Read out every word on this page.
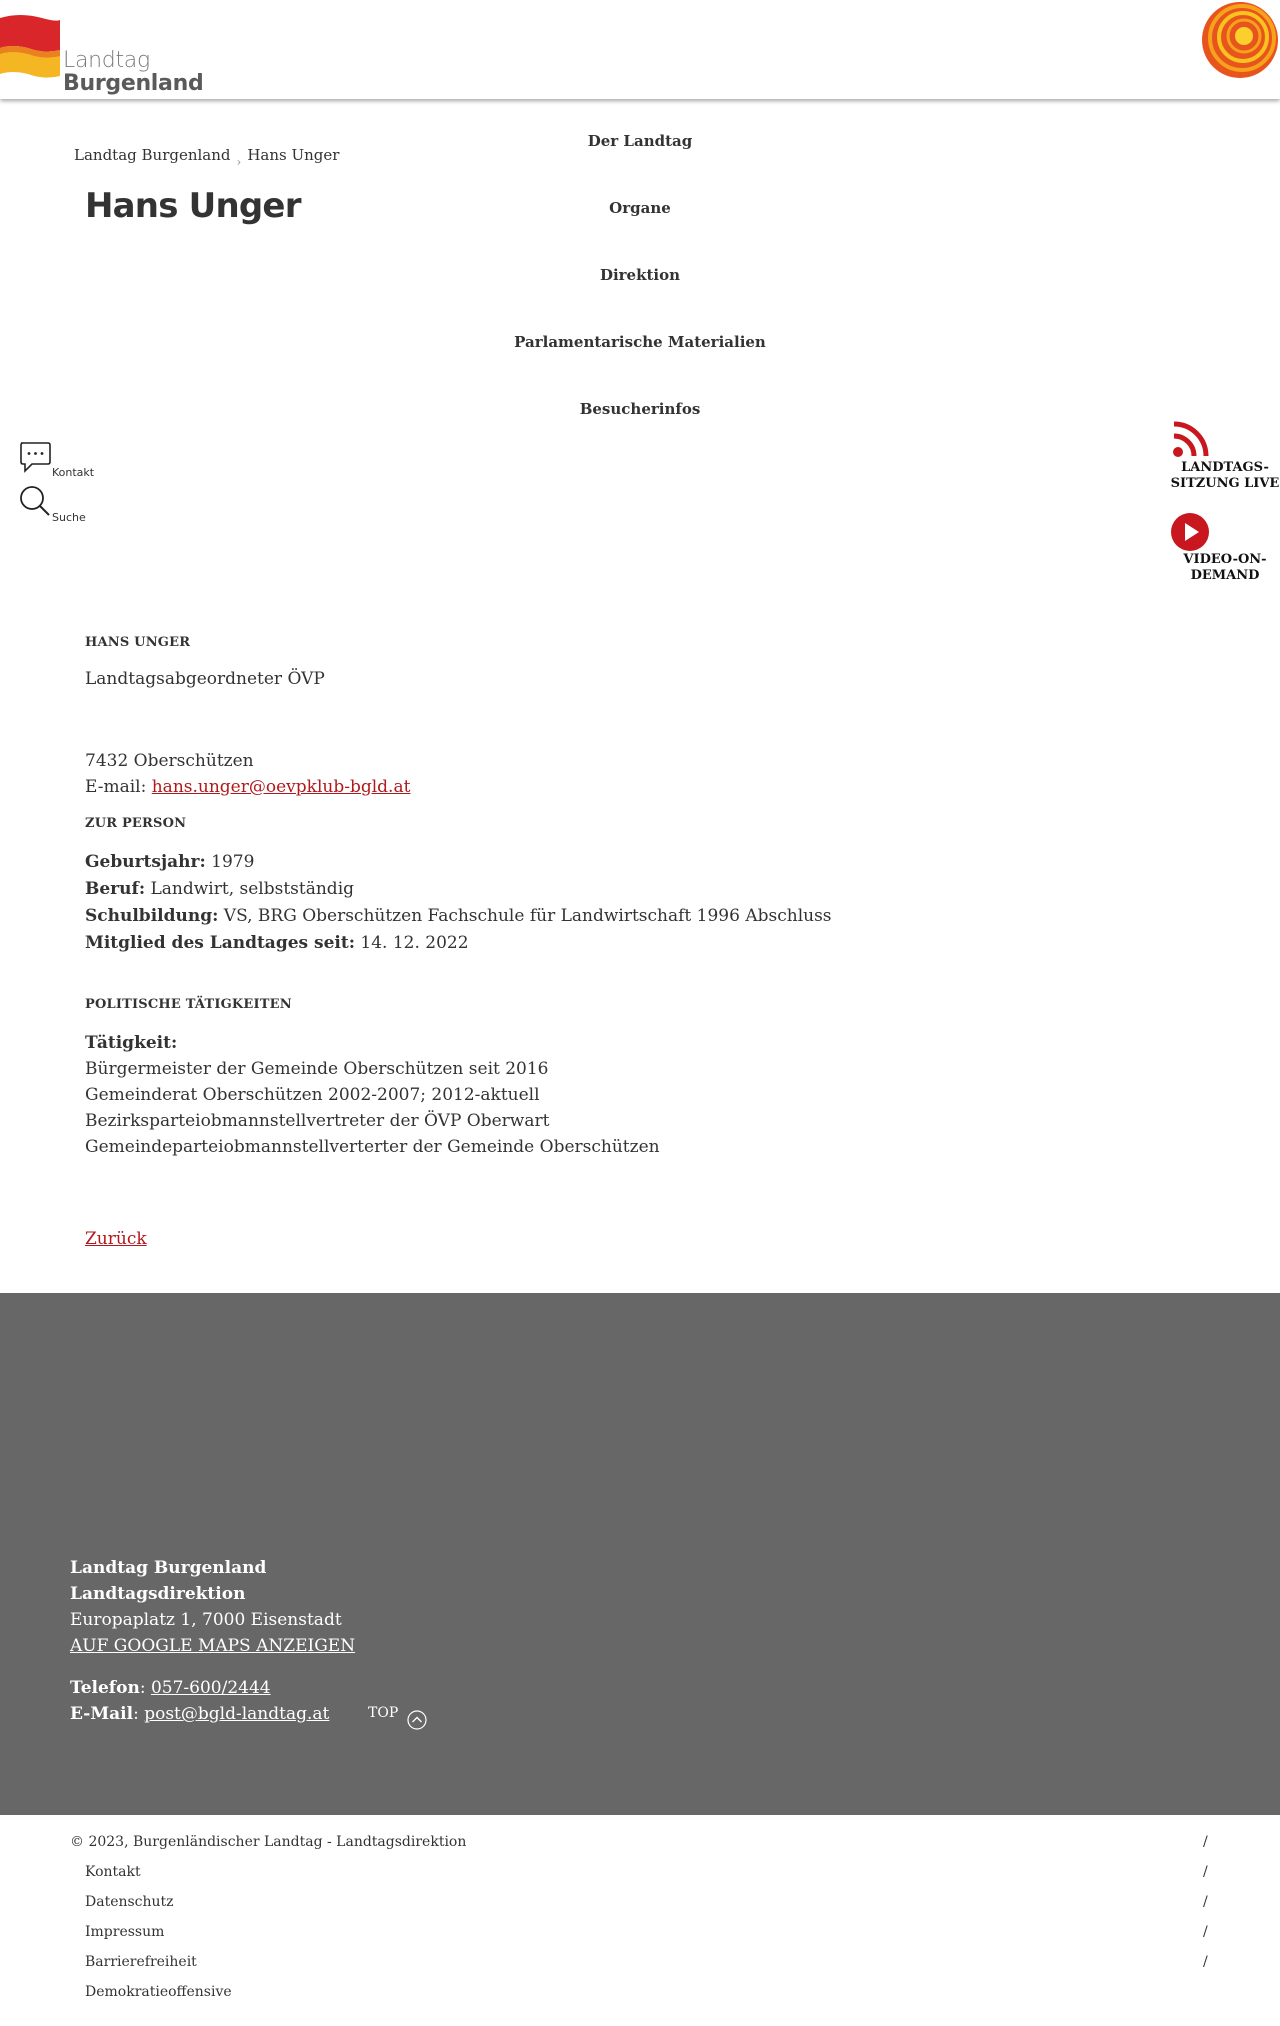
Landtag
Burgenland
Landtag Burgenland $_›$ Hans Unger
Hans Unger
Der Landtag
Organe
Direktion
Parlamentarische Materialien
Besucherinfos
Kontakt
Suche
LANDTAGS-
SITZUNG LIVE
VIDEO-ON-
DEMAND
HANS UNGER
Landtagsabgeordneter ÖVP
7432 Oberschützen
E-mail: hans.unger@oevpklub-bgld.at
ZUR PERSON
Geburtsjahr: 1979
Beruf: Landwirt, selbstständig
Schulbildung: VS, BRG Oberschützen Fachschule für Landwirtschaft 1996 Abschluss
Mitglied des Landtages seit: 14. 12. 2022
POLITISCHE TÄTIGKEITEN
Tätigkeit:
Bürgermeister der Gemeinde Oberschützen seit 2016
Gemeinderat Oberschützen 2002-2007; 2012-aktuell
Bezirksparteiobmannstellvertreter der ÖVP Oberwart
Gemeindeparteiobmannstellverterter der Gemeinde Oberschützen
Zurück
Landtag Burgenland
Landtagsdirektion
Europaplatz 1, 7000 Eisenstadt
AUF GOOGLE MAPS ANZEIGEN
Telefon: 057-600/2444
E-Mail: post@bgld-landtag.at	TOP
© 2023, Burgenländischer Landtag - Landtagsdirektion	/
Kontakt	/
Datenschutz	/
Impressum	/
Barrierefreiheit	/
Demokratieoffensive
